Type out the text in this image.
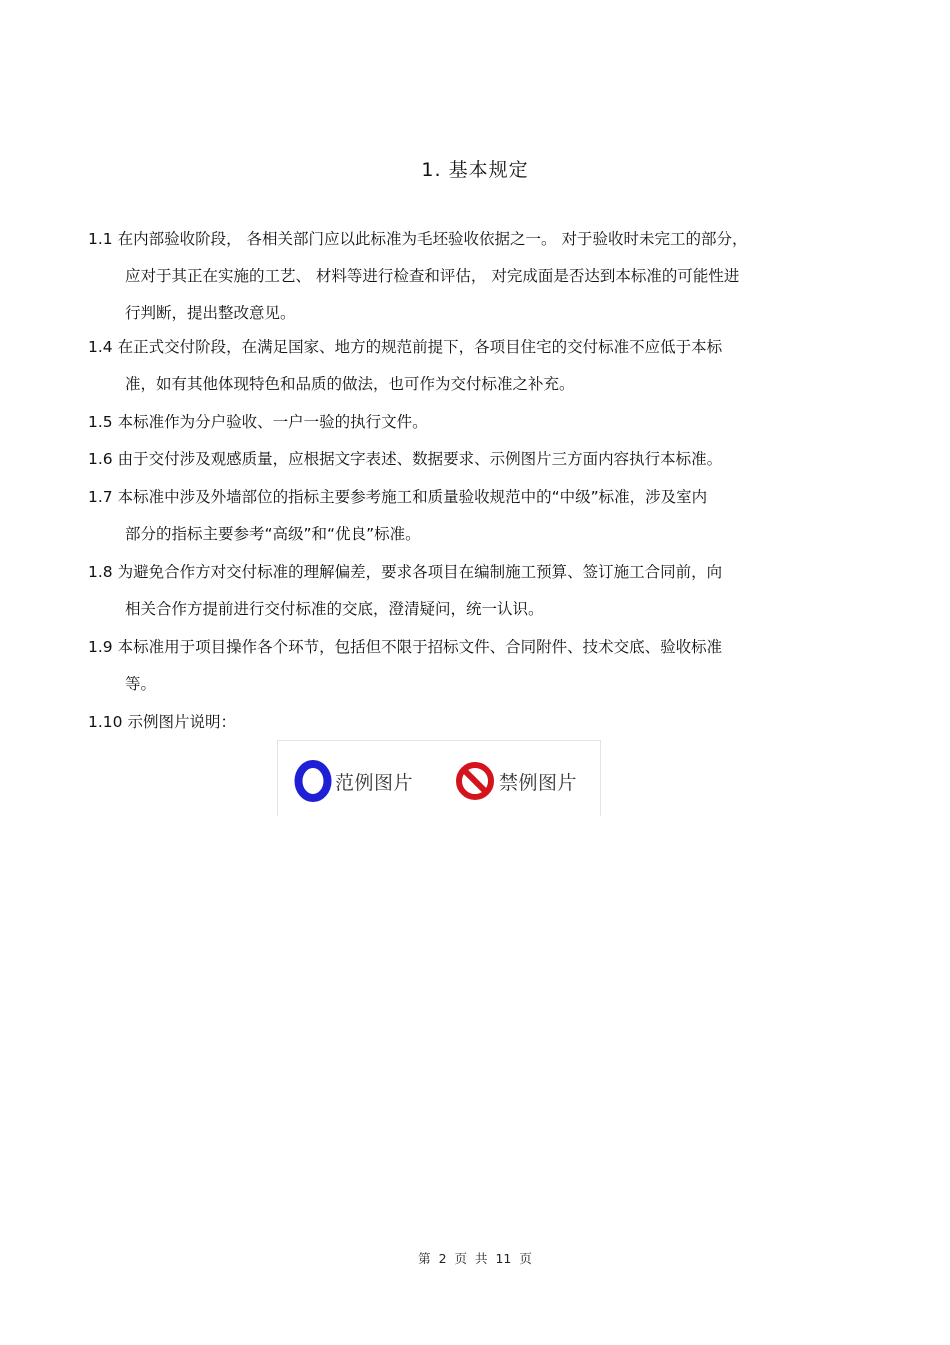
1. 基本规定
1.1 在内部验收阶段， 各相关部门应以此标准为毛坯验收依据之一。 对于验收时未完工的部分，
应对于其正在实施的工艺、 材料等进行检查和评估， 对完成面是否达到本标准的可能性进
行判断，提出整改意见。
1.4 在正式交付阶段，在满足国家、地方的规范前提下，各项目住宅的交付标准不应低于本标
准，如有其他体现特色和品质的做法，也可作为交付标准之补充。
1.5 本标准作为分户验收、一户一验的执行文件。
1.6 由于交付涉及观感质量，应根据文字表述、数据要求、示例图片三方面内容执行本标准。
1.7 本标准中涉及外墙部位的指标主要参考施工和质量验收规范中的“中级”标准，涉及室内
部分的指标主要参考“高级”和“优良”标准。
1.8 为避免合作方对交付标准的理解偏差，要求各项目在编制施工预算、签订施工合同前，向
相关合作方提前进行交付标准的交底，澄清疑问，统一认识。
1.9 本标准用于项目操作各个环节，包括但不限于招标文件、合同附件、技术交底、验收标准
等。
1.10 示例图片说明：
范例图片	禁例图片
第 2 页 共 11 页
